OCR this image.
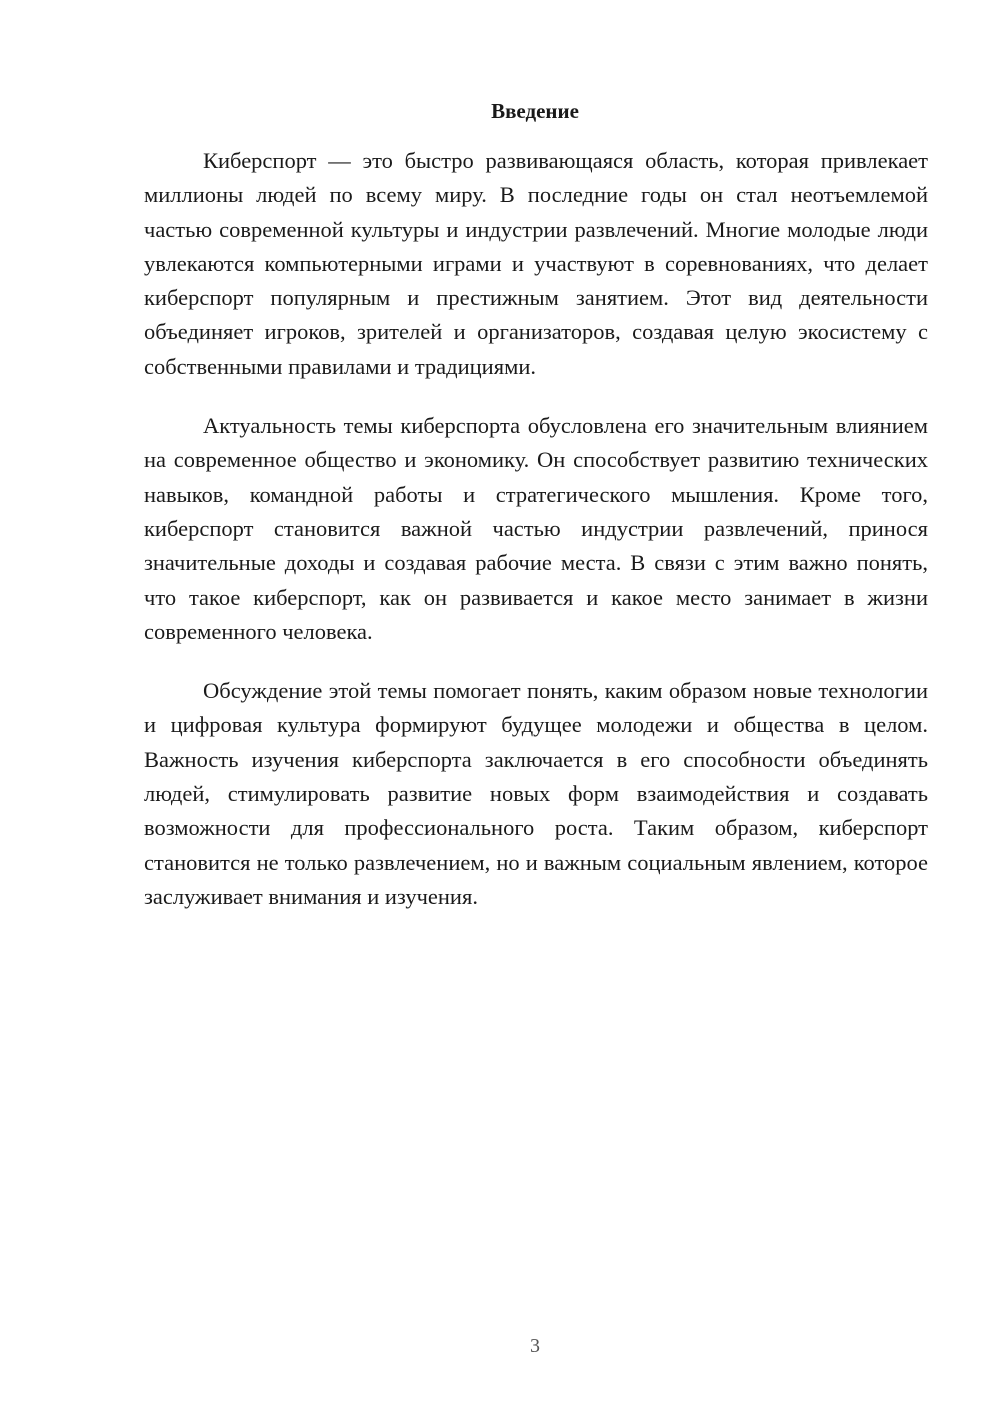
Введение

Киберспорт — это быстро развивающаяся область, которая привлекает миллионы людей по всему миру. В последние годы он стал неотъемлемой частью современной культуры и индустрии развлечений. Многие молодые люди увлекаются компьютерными играми и участвуют в соревнованиях, что делает киберспорт популярным и престижным занятием. Этот вид деятельности объединяет игроков, зрителей и организаторов, создавая целую экосистему с собственными правилами и традициями.

Актуальность темы киберспорта обусловлена его значительным влиянием на современное общество и экономику. Он способствует развитию технических навыков, командной работы и стратегического мышления. Кроме того, киберспорт становится важной частью индустрии развлечений, принося значительные доходы и создавая рабочие места. В связи с этим важно понять, что такое киберспорт, как он развивается и какое место занимает в жизни современного человека.

Обсуждение этой темы помогает понять, каким образом новые технологии и цифровая культура формируют будущее молодежи и общества в целом. Важность изучения киберспорта заключается в его способности объединять людей, стимулировать развитие новых форм взаимодействия и создавать возможности для профессионального роста. Таким образом, киберспорт становится не только развлечением, но и важным социальным явлением, которое заслуживает внимания и изучения.

3
